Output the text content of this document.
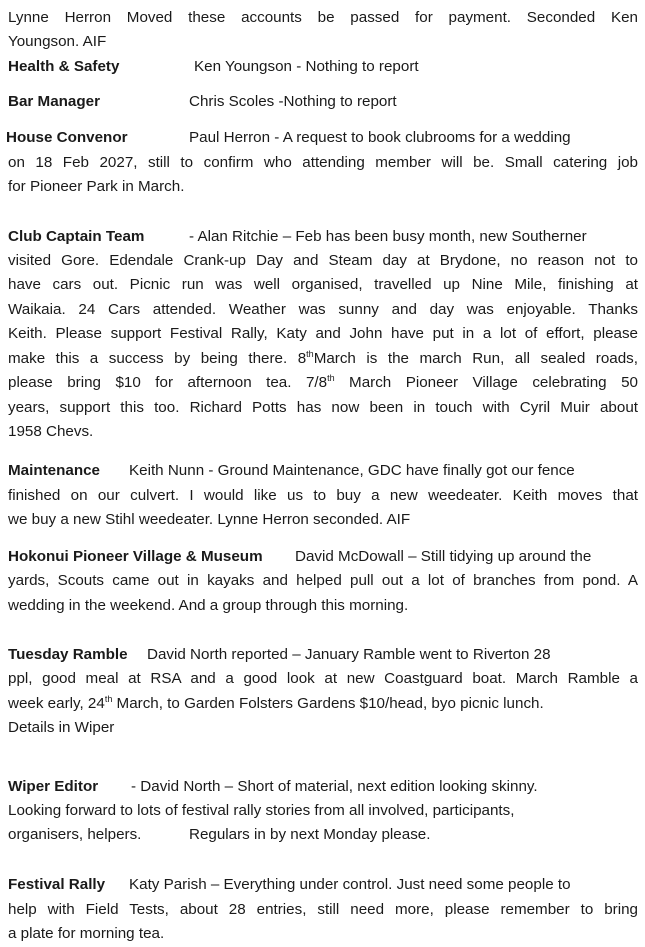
Lynne Herron Moved these accounts be passed for payment. Seconded Ken
Youngson. AIF
Health & Safety	Ken Youngson - Nothing to report
Bar Manager	Chris Scoles -Nothing to report
House Convenor	Paul Herron - A request to book clubrooms for a wedding
on 18 Feb 2027, still to confirm who attending member will be. Small catering job
for Pioneer Park in March.
Club Captain Team	- Alan Ritchie – Feb has been busy month, new Southerner
visited Gore. Edendale Crank-up Day and Steam day at Brydone, no reason not to
have cars out. Picnic run was well organised, travelled up Nine Mile, finishing at
Waikaia. 24 Cars attended. Weather was sunny and day was enjoyable. Thanks
Keith. Please support Festival Rally, Katy and John have put in a lot of effort, please
make this a success by being there. 8thMarch is the march Run, all sealed roads,
please bring $10 for afternoon tea. 7/8th March Pioneer Village celebrating 50
years, support this too. Richard Potts has now been in touch with Cyril Muir about
1958 Chevs.
Maintenance Keith Nunn - Ground Maintenance, GDC have finally got our fence
finished on our culvert. I would like us to buy a new weedeater. Keith moves that
we buy a new Stihl weedeater. Lynne Herron seconded. AIF
Hokonui Pioneer Village & Museum David McDowall – Still tidying up around the
yards, Scouts came out in kayaks and helped pull out a lot of branches from pond. A
wedding in the weekend. And a group through this morning.
Tuesday Ramble David North reported – January Ramble went to Riverton 28
ppl, good meal at RSA and a good look at new Coastguard boat. March Ramble a
week early, 24th March, to Garden Folsters Gardens $10/head, byo picnic lunch.
Details in Wiper
Wiper Editor - David North – Short of material, next edition looking skinny.
Looking forward to lots of festival rally stories from all involved, participants,
organisers, helpers.	Regulars in by next Monday please.
Festival Rally Katy Parish – Everything under control. Just need some people to
help with Field Tests, about 28 entries, still need more, please remember to bring
a plate for morning tea.
